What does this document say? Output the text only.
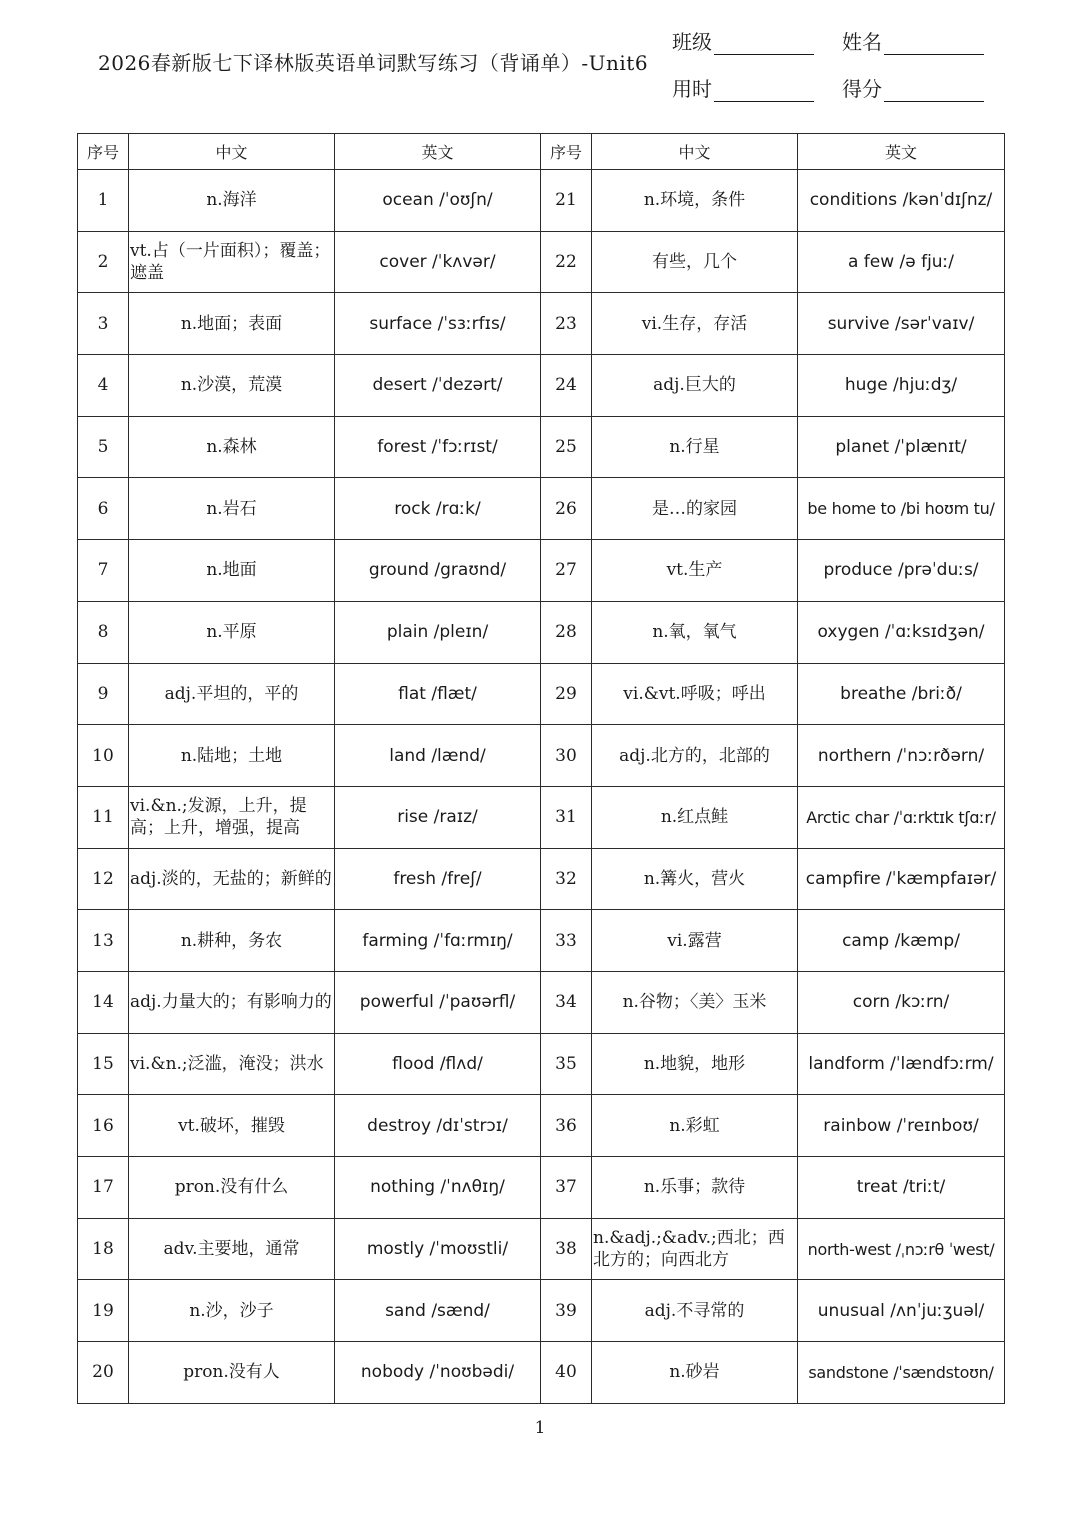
2026春新版七下译林版英语单词默写练习（背诵单）-Unit6
班级	姓名
用时	得分
序号	中文	英文	序号	中文	英文
1	n.海洋	ocean /ˈoʊʃn/	21	n.环境，条件	conditions /kənˈdɪʃnz/
2	vt.占（一片面积）；覆盖；遮盖	cover /ˈkʌvər/	22	有些，几个	a few /ə fjuː/
3	n.地面；表面	surface /ˈsɜːrfɪs/	23	vi.生存，存活	survive /sərˈvaɪv/
4	n.沙漠，荒漠	desert /ˈdezərt/	24	adj.巨大的	huge /hjuːdʒ/
5	n.森林	forest /ˈfɔːrɪst/	25	n.行星	planet /ˈplænɪt/
6	n.岩石	rock /rɑːk/	26	是…的家园	be home to /bi hoʊm tu/
7	n.地面	ground /graʊnd/	27	vt.生产	produce /prəˈduːs/
8	n.平原	plain /pleɪn/	28	n.氧，氧气	oxygen /ˈɑːksɪdʒən/
9	adj.平坦的，平的	flat /flæt/	29	vi.&vt.呼吸；呼出	breathe /briːð/
10	n.陆地；土地	land /lænd/	30	adj.北方的，北部的	northern /ˈnɔːrðərn/
11	vi.&n.;发源，上升，提高；上升，增强，提高	rise /raɪz/	31	n.红点鲑	Arctic char /ˈɑːrktɪk tʃɑːr/
12	adj.淡的，无盐的；新鲜的	fresh /freʃ/	32	n.篝火，营火	campfire /ˈkæmpfaɪər/
13	n.耕种，务农	farming /ˈfɑːrmɪŋ/	33	vi.露营	camp /kæmp/
14	adj.力量大的；有影响力的	powerful /ˈpaʊərfl/	34	n.谷物；〈美〉玉米	corn /kɔːrn/
15	vi.&n.;泛滥，淹没；洪水	flood /flʌd/	35	n.地貌，地形	landform /ˈlændfɔːrm/
16	vt.破坏，摧毁	destroy /dɪˈstrɔɪ/	36	n.彩虹	rainbow /ˈreɪnboʊ/
17	pron.没有什么	nothing /ˈnʌθɪŋ/	37	n.乐事；款待	treat /triːt/
18	adv.主要地，通常	mostly /ˈmoʊstli/	38	n.&adj.;&adv.;西北；西北方的；向西北方	north-west /ˌnɔːrθ ˈwest/
19	n.沙，沙子	sand /sænd/	39	adj.不寻常的	unusual /ʌnˈjuːʒuəl/
20	pron.没有人	nobody /ˈnoʊbədi/	40	n.砂岩	sandstone /ˈsændstoʊn/
1
